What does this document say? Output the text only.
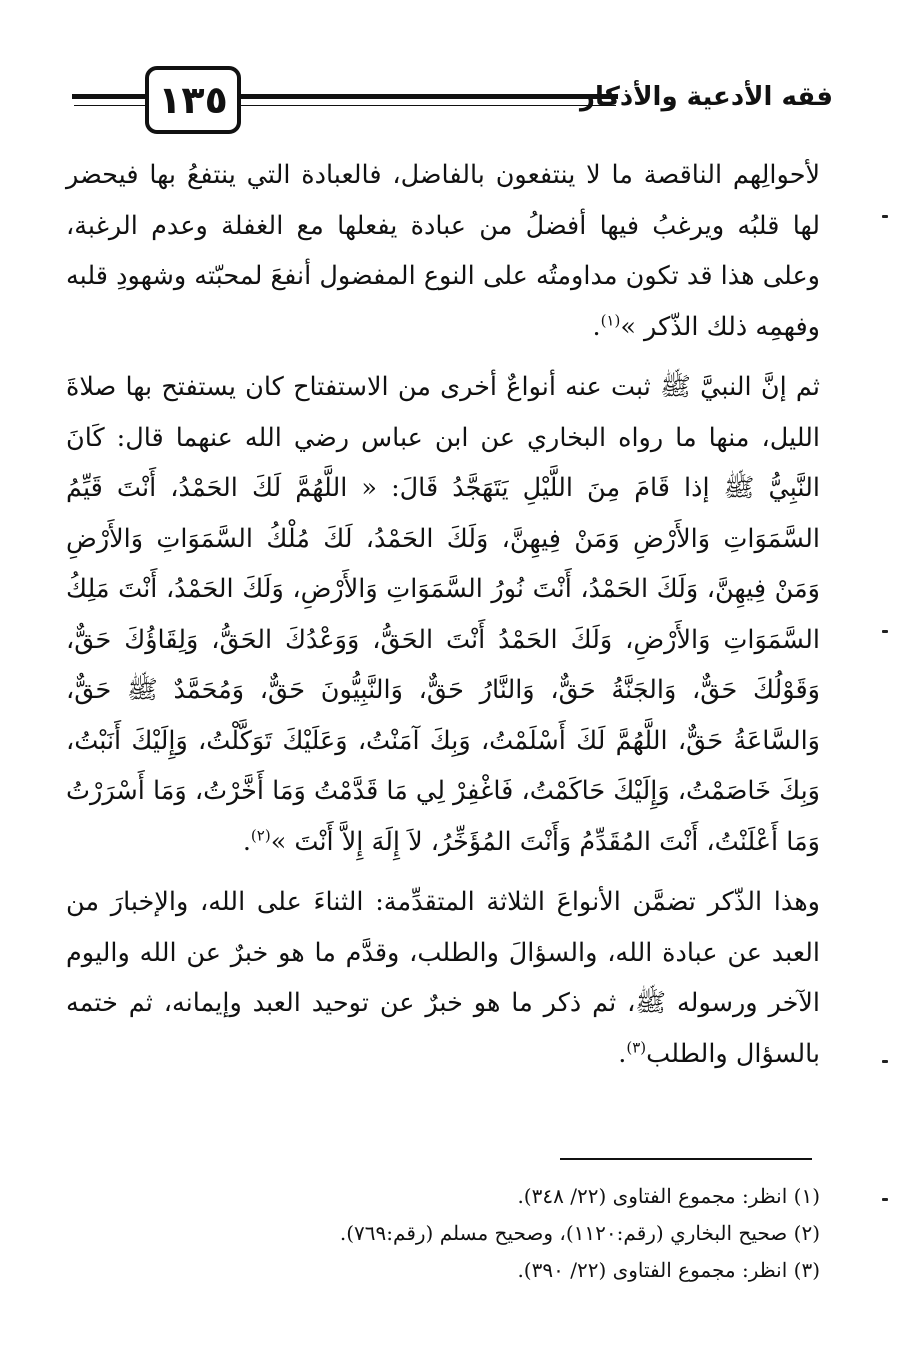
١٣٥	فقه الأدعية والأذكار

لأحوالِهم الناقصة ما لا ينتفعون بالفاضل، فالعبادة التي ينتفعُ بها فيحضر لها قلبُه ويرغبُ فيها أفضلُ من عبادة يفعلها مع الغفلة وعدم الرغبة، وعلى هذا قد تكون مداومتُه على النوع المفضول أنفعَ لمحبّته وشهودِ قلبه وفهمِه ذلك الذّكر »$^{(١)}$.

ثم إنَّ النبيَّ ﷺ ثبت عنه أنواعٌ أخرى من الاستفتاح كان يستفتح بها صلاةَ الليل، منها ما رواه البخاري عن ابن عباس رضي الله عنهما قال: كَانَ النَّبِيُّ ﷺ إذا قَامَ مِنَ اللَّيْلِ يَتَهَجَّدُ قَالَ: « اللَّهُمَّ لَكَ الحَمْدُ، أَنْتَ قَيِّمُ السَّمَوَاتِ وَالأَرْضِ وَمَنْ فِيهِنَّ، وَلَكَ الحَمْدُ، لَكَ مُلْكُ السَّمَوَاتِ وَالأَرْضِ وَمَنْ فِيهِنَّ، وَلَكَ الحَمْدُ، أَنْتَ نُورُ السَّمَوَاتِ وَالأَرْضِ، وَلَكَ الحَمْدُ، أَنْتَ مَلِكُ السَّمَوَاتِ وَالأَرْضِ، وَلَكَ الحَمْدُ أَنْتَ الحَقُّ، وَوَعْدُكَ الحَقُّ، وَلِقَاؤُكَ حَقٌّ، وَقَوْلُكَ حَقٌّ، وَالجَنَّةُ حَقٌّ، وَالنَّارُ حَقٌّ، وَالنَّبِيُّونَ حَقٌّ، وَمُحَمَّدٌ ﷺ حَقٌّ، وَالسَّاعَةُ حَقٌّ، اللَّهُمَّ لَكَ أَسْلَمْتُ، وَبِكَ آمَنْتُ، وَعَلَيْكَ تَوَكَّلْتُ، وَإِلَيْكَ أَنَبْتُ، وَبِكَ خَاصَمْتُ، وَإِلَيْكَ حَاكَمْتُ، فَاغْفِرْ لِي مَا قَدَّمْتُ وَمَا أَخَّرْتُ، وَمَا أَسْرَرْتُ وَمَا أَعْلَنْتُ، أَنْتَ المُقَدِّمُ وَأَنْتَ المُؤَخِّرُ، لاَ إِلَهَ إِلاَّ أَنْتَ »$^{(٢)}$.

وهذا الذّكر تضمَّن الأنواعَ الثلاثة المتقدِّمة: الثناءَ على الله، والإخبارَ من العبد عن عبادة الله، والسؤالَ والطلب، وقدَّم ما هو خبرٌ عن الله واليوم الآخر ورسوله ﷺ، ثم ذكر ما هو خبرٌ عن توحيد العبد وإيمانه، ثم ختمه بالسؤال والطلب$^{(٣)}$.

(١) انظر: مجموع الفتاوى (٢٢/ ٣٤٨).
(٢) صحيح البخاري (رقم:١١٢٠)، وصحيح مسلم (رقم:٧٦٩).
(٣) انظر: مجموع الفتاوى (٢٢/ ٣٩٠).
